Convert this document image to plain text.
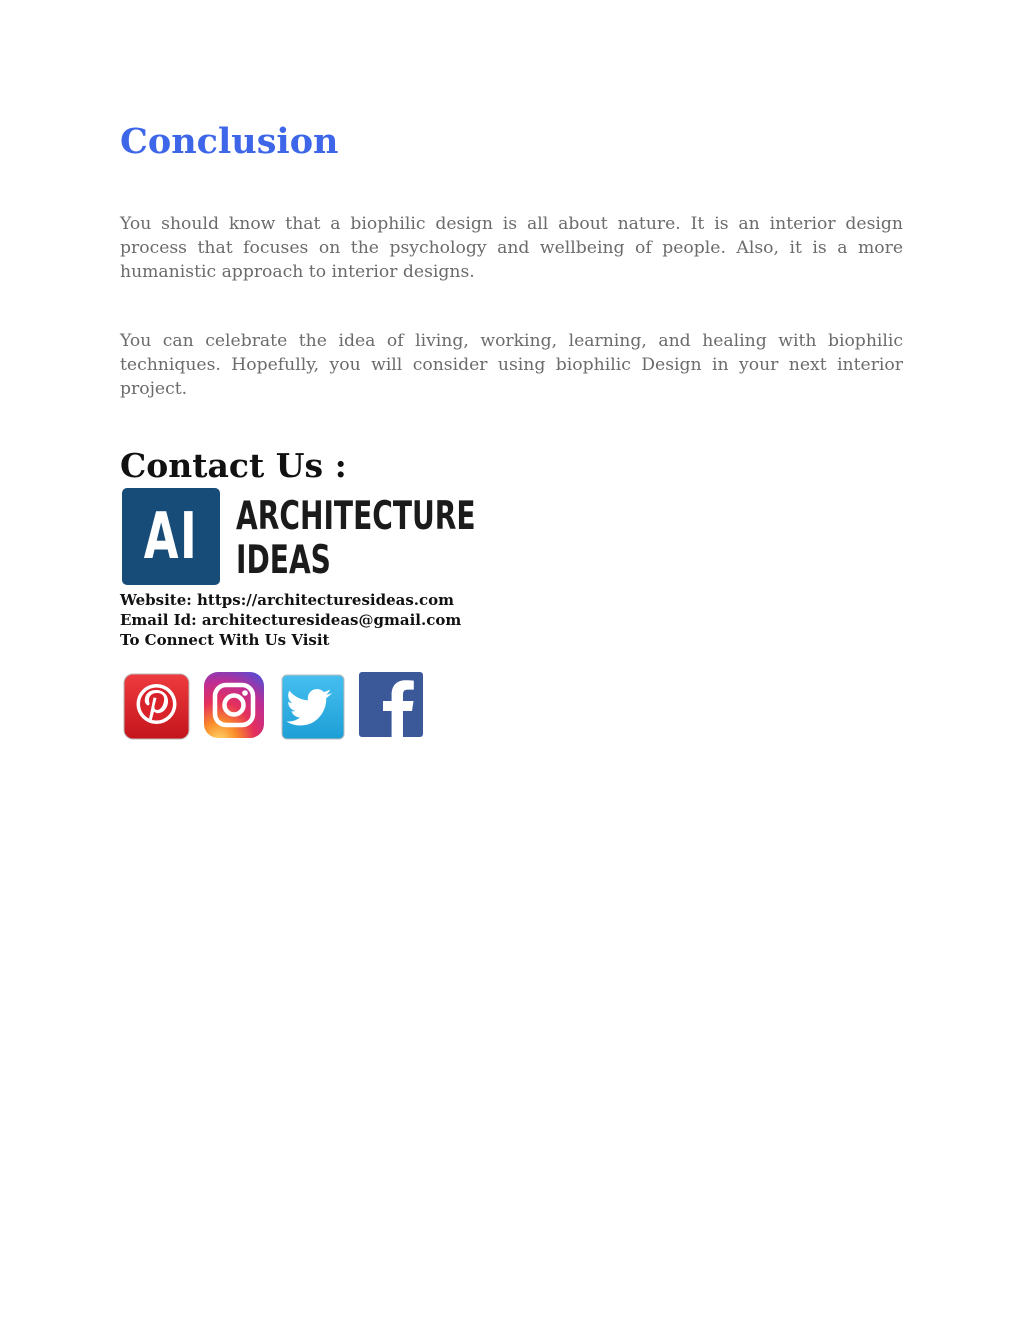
Conclusion

You should know that a biophilic design is all about nature. It is an interior design process that focuses on the psychology and wellbeing of people. Also, it is a more humanistic approach to interior designs.

You can celebrate the idea of living, working, learning, and healing with biophilic techniques. Hopefully, you will consider using biophilic Design in your next interior project.

Contact Us :
AI ARCHITECTURE
IDEAS

Website: https://architecturesideas.com

Email Id: architecturesideas@gmail.com

To Connect With Us Visit
